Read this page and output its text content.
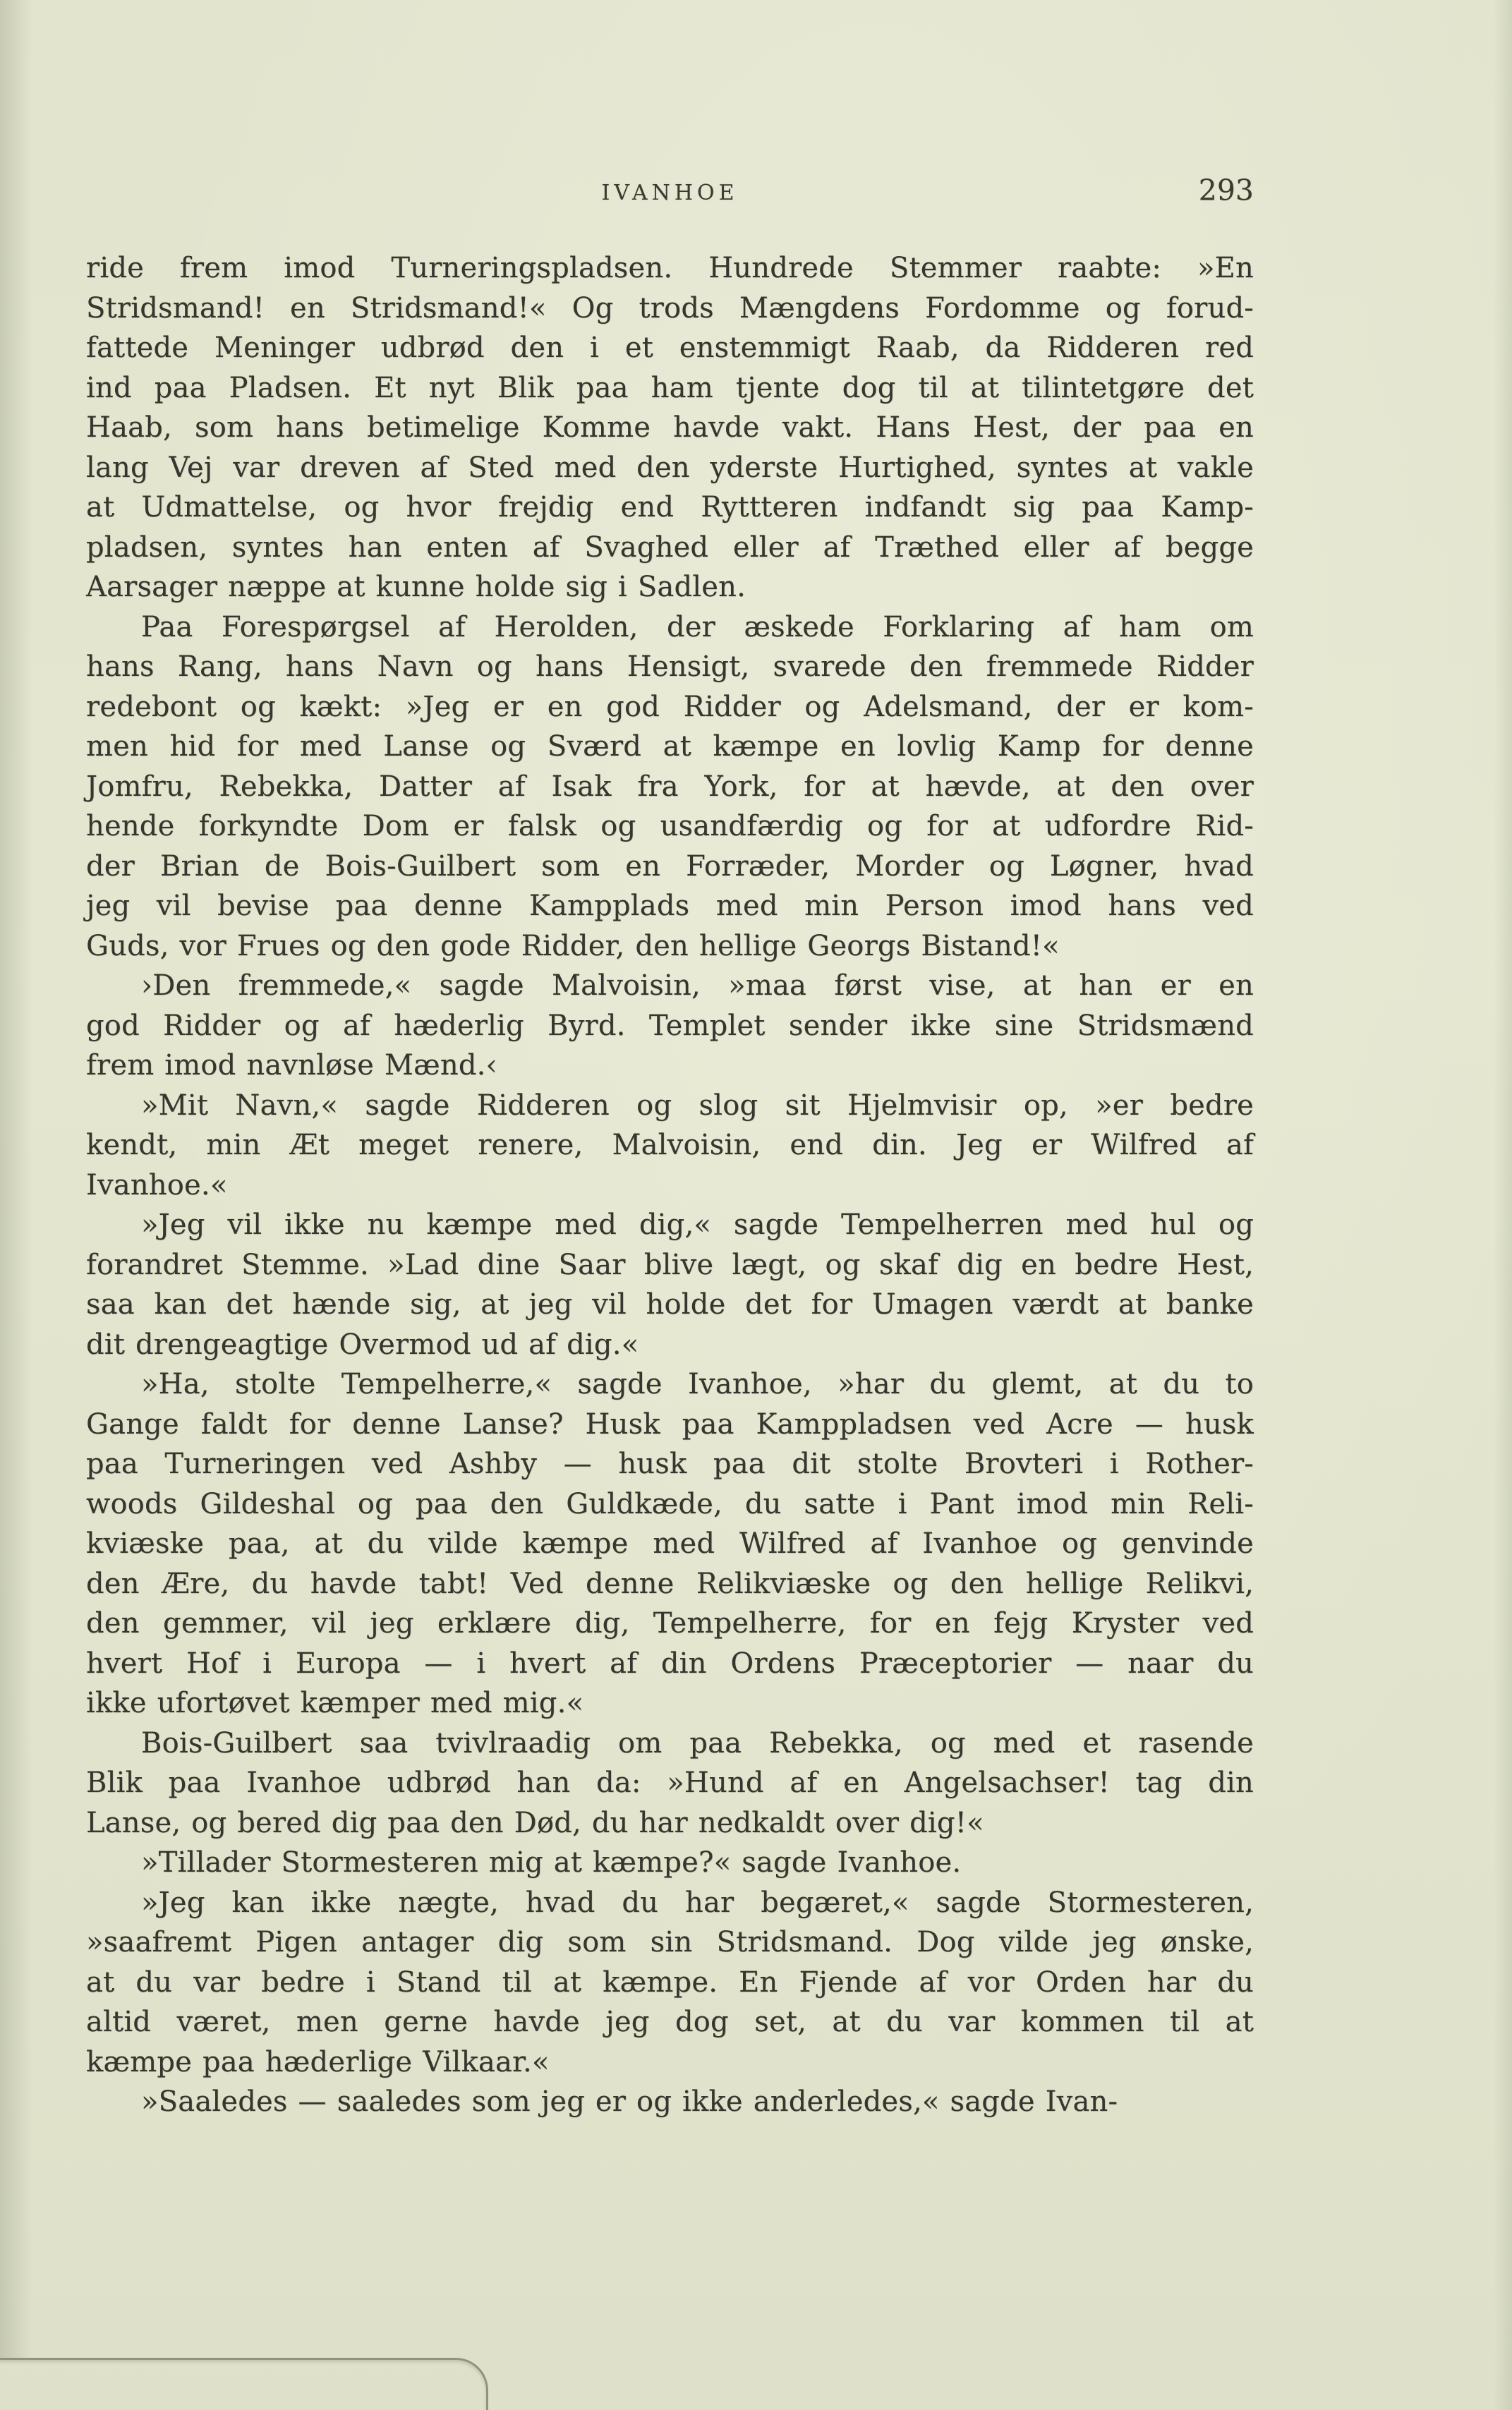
IVANHOE	293

ride frem imod Turneringspladsen. Hundrede Stemmer raabte: »En
Stridsmand! en Stridsmand!« Og trods Mængdens Fordomme og forud-
fattede Meninger udbrød den i et enstemmigt Raab, da Ridderen red
ind paa Pladsen. Et nyt Blik paa ham tjente dog til at tilintetgøre det
Haab, som hans betimelige Komme havde vakt. Hans Hest, der paa en
lang Vej var dreven af Sted med den yderste Hurtighed, syntes at vakle
at Udmattelse, og hvor frejdig end Ryttteren indfandt sig paa Kamp-
pladsen, syntes han enten af Svaghed eller af Træthed eller af begge
Aarsager næppe at kunne holde sig i Sadlen.

Paa Forespørgsel af Herolden, der æskede Forklaring af ham om
hans Rang, hans Navn og hans Hensigt, svarede den fremmede Ridder
redebont og kækt: »Jeg er en god Ridder og Adelsmand, der er kom-
men hid for med Lanse og Sværd at kæmpe en lovlig Kamp for denne
Jomfru, Rebekka, Datter af Isak fra York, for at hævde, at den over
hende forkyndte Dom er falsk og usandfærdig og for at udfordre Rid-
der Brian de Bois-Guilbert som en Forræder, Morder og Løgner, hvad
jeg vil bevise paa denne Kampplads med min Person imod hans ved
Guds, vor Frues og den gode Ridder, den hellige Georgs Bistand!«

›Den fremmede,« sagde Malvoisin, »maa først vise, at han er en
god Ridder og af hæderlig Byrd. Templet sender ikke sine Stridsmænd
frem imod navnløse Mænd.‹

»Mit Navn,« sagde Ridderen og slog sit Hjelmvisir op, »er bedre
kendt, min Æt meget renere, Malvoisin, end din. Jeg er Wilfred af
Ivanhoe.«

»Jeg vil ikke nu kæmpe med dig,« sagde Tempelherren med hul og
forandret Stemme. »Lad dine Saar blive lægt, og skaf dig en bedre Hest,
saa kan det hænde sig, at jeg vil holde det for Umagen værdt at banke
dit drengeagtige Overmod ud af dig.«

»Ha, stolte Tempelherre,« sagde Ivanhoe, »har du glemt, at du to
Gange faldt for denne Lanse? Husk paa Kamppladsen ved Acre — husk
paa Turneringen ved Ashby — husk paa dit stolte Brovteri i Rother-
woods Gildeshal og paa den Guldkæde, du satte i Pant imod min Reli-
kviæske paa, at du vilde kæmpe med Wilfred af Ivanhoe og genvinde
den Ære, du havde tabt! Ved denne Relikviæske og den hellige Relikvi,
den gemmer, vil jeg erklære dig, Tempelherre, for en fejg Kryster ved
hvert Hof i Europa — i hvert af din Ordens Præceptorier — naar du
ikke ufortøvet kæmper med mig.«

Bois-Guilbert saa tvivlraadig om paa Rebekka, og med et rasende
Blik paa Ivanhoe udbrød han da: »Hund af en Angelsachser! tag din
Lanse, og bered dig paa den Død, du har nedkaldt over dig!«

»Tillader Stormesteren mig at kæmpe?« sagde Ivanhoe.

»Jeg kan ikke nægte, hvad du har begæret,« sagde Stormesteren,
»saafremt Pigen antager dig som sin Stridsmand. Dog vilde jeg ønske,
at du var bedre i Stand til at kæmpe. En Fjende af vor Orden har du
altid været, men gerne havde jeg dog set, at du var kommen til at
kæmpe paa hæderlige Vilkaar.«

»Saaledes — saaledes som jeg er og ikke anderledes,« sagde Ivan-
